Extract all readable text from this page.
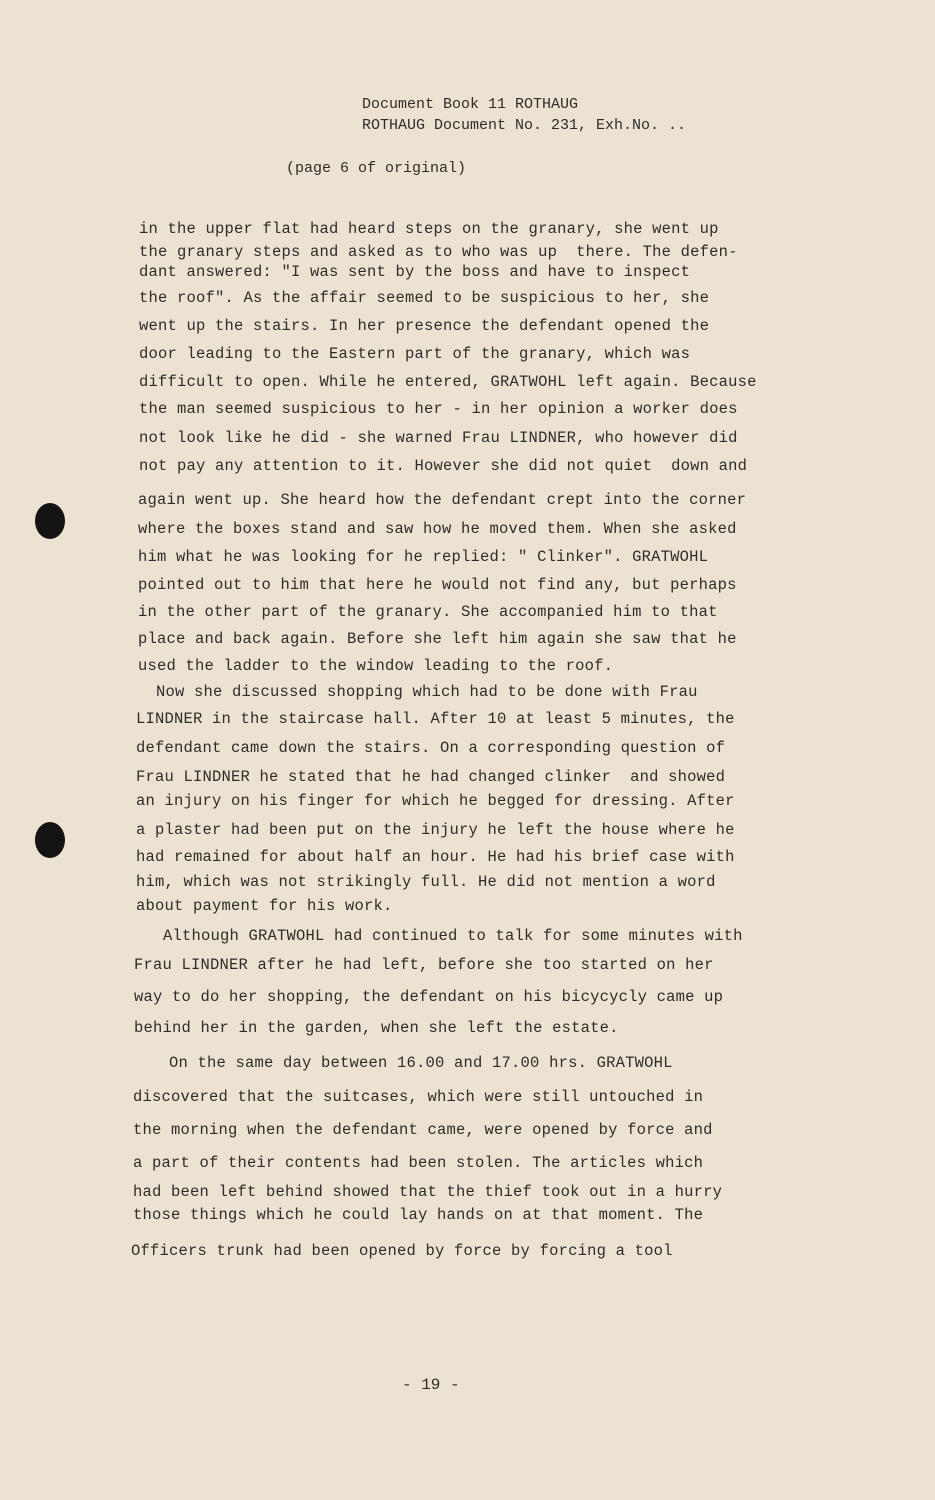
Document Book 11 ROTHAUG
ROTHAUG Document No. 231, Exh.No. ..
(page 6 of original)
in the upper flat had heard steps on the granary, she went up
the granary steps and asked as to who was up  there. The defen-
dant answered: "I was sent by the boss and have to inspect
the roof". As the affair seemed to be suspicious to her, she
went up the stairs. In her presence the defendant opened the
door leading to the Eastern part of the granary, which was
difficult to open. While he entered, GRATWOHL left again. Because
the man seemed suspicious to her - in her opinion a worker does
not look like he did - she warned Frau LINDNER, who however did
not pay any attention to it. However she did not quiet  down and
again went up. She heard how the defendant crept into the corner
where the boxes stand and saw how he moved them. When she asked
him what he was looking for he replied: " Clinker". GRATWOHL
pointed out to him that here he would not find any, but perhaps
in the other part of the granary. She accompanied him to that
place and back again. Before she left him again she saw that he
used the ladder to the window leading to the roof.
Now she discussed shopping which had to be done with Frau
LINDNER in the staircase hall. After 10 at least 5 minutes, the
defendant came down the stairs. On a corresponding question of
Frau LINDNER he stated that he had changed clinker  and showed
an injury on his finger for which he begged for dressing. After
a plaster had been put on the injury he left the house where he
had remained for about half an hour. He had his brief case with
him, which was not strikingly full. He did not mention a word
about payment for his work.
Although GRATWOHL had continued to talk for some minutes with
Frau LINDNER after he had left, before she too started on her
way to do her shopping, the defendant on his bicycycly came up
behind her in the garden, when she left the estate.
On the same day between 16.00 and 17.00 hrs. GRATWOHL
discovered that the suitcases, which were still untouched in
the morning when the defendant came, were opened by force and
a part of their contents had been stolen. The articles which
had been left behind showed that the thief took out in a hurry
those things which he could lay hands on at that moment. The
Officers trunk had been opened by force by forcing a tool
- 19 -
